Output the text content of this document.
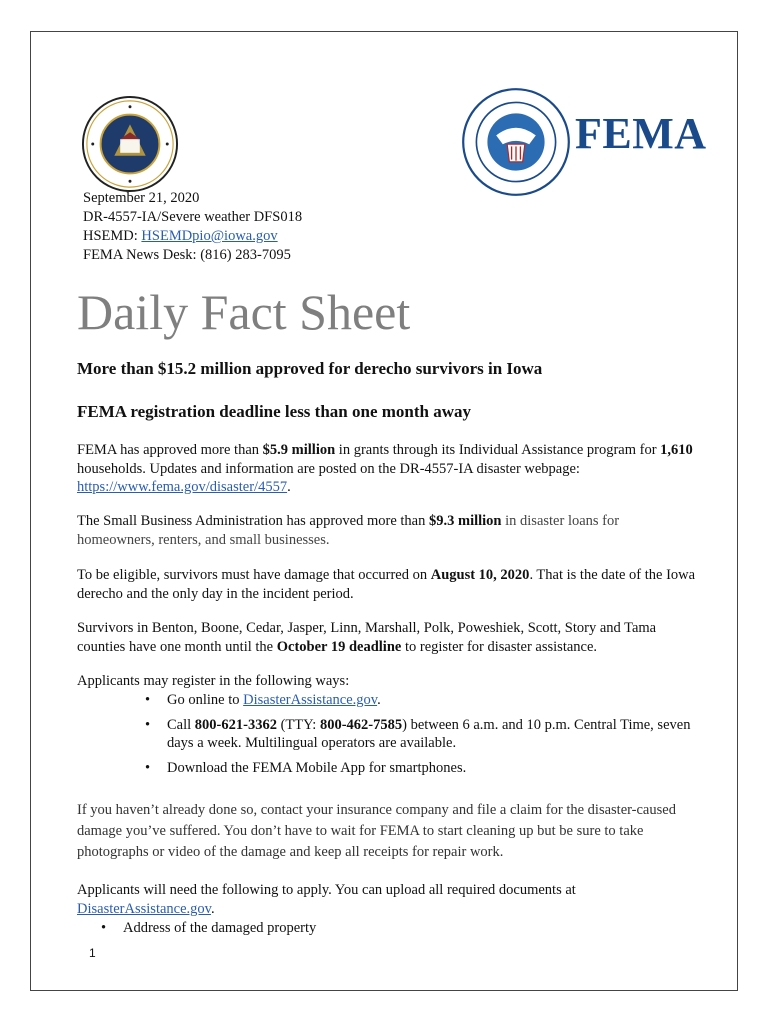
FEMA
September 21, 2020
DR-4557-IA/Severe weather DFS018
HSEMD: HSEMDpio@iowa.gov
FEMA News Desk: (816) 283-7095
Daily Fact Sheet
More than $15.2 million approved for derecho survivors in Iowa
FEMA registration deadline less than one month away
FEMA has approved more than $5.9 million in grants through its Individual Assistance program for 1,610 households. Updates and information are posted on the DR-4557-IA disaster webpage: https://www.fema.gov/disaster/4557.
The Small Business Administration has approved more than $9.3 million in disaster loans for homeowners, renters, and small businesses.
To be eligible, survivors must have damage that occurred on August 10, 2020. That is the date of the Iowa derecho and the only day in the incident period.
Survivors in Benton, Boone, Cedar, Jasper, Linn, Marshall, Polk, Poweshiek, Scott, Story and Tama counties have one month until the October 19 deadline to register for disaster assistance.
Applicants may register in the following ways:
• Go online to DisasterAssistance.gov.
• Call 800-621-3362 (TTY: 800-462-7585) between 6 a.m. and 10 p.m. Central Time, seven days a week. Multilingual operators are available.
• Download the FEMA Mobile App for smartphones.
If you haven’t already done so, contact your insurance company and file a claim for the disaster-caused damage you’ve suffered. You don’t have to wait for FEMA to start cleaning up but be sure to take photographs or video of the damage and keep all receipts for repair work.
Applicants will need the following to apply. You can upload all required documents at DisasterAssistance.gov.
• Address of the damaged property
1
